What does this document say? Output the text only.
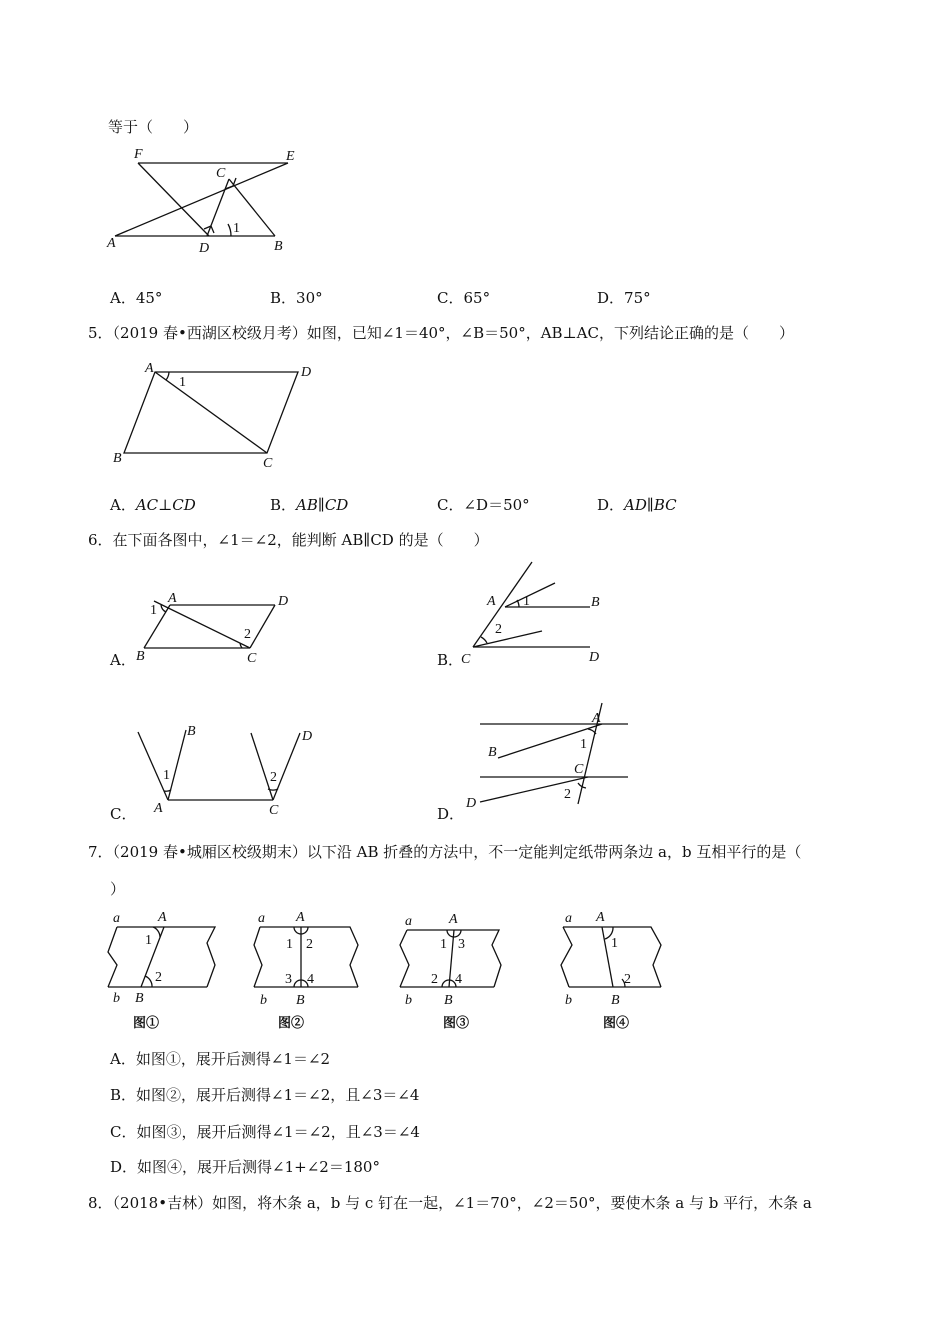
等于（　　）
F	E
C
A	D	B
1
A．45°	B．30°	C．65°	D．75°
5．（2019 春•西湖区校级月考）如图，已知∠1＝40°，∠B＝50°，AB⊥AC，下列结论正确的是（　　）
A	D
B	C
1
A．AC⊥CD	B．AB∥CD	C．∠D＝50°	D．AD∥BC
6．在下面各图中，∠1＝∠2，能判断 AB∥CD 的是（　　）
A．
A	D
B	C
1
2
B．
A	B
C	D
1
2
C．
B	D
A	C
1	2
D．
A
B
C
D
1
2
7．（2019 春•城厢区校级期末）以下沿 AB 折叠的方法中，不一定能判定纸带两条边 a，b 互相平行的是（
）
a	A
1
2
b B
图①
a A
1 2
3 4
b B
图②
a	A
1 3
2 4
b B
图③
a A
1
2
b	B
图④
A．如图①，展开后测得∠1＝∠2
B．如图②，展开后测得∠1＝∠2，且∠3＝∠4
C．如图③，展开后测得∠1＝∠2，且∠3＝∠4
D．如图④，展开后测得∠1+∠2＝180°
8．（2018•吉林）如图，将木条 a，b 与 c 钉在一起，∠1＝70°，∠2＝50°，要使木条 a 与 b 平行，木条 a
